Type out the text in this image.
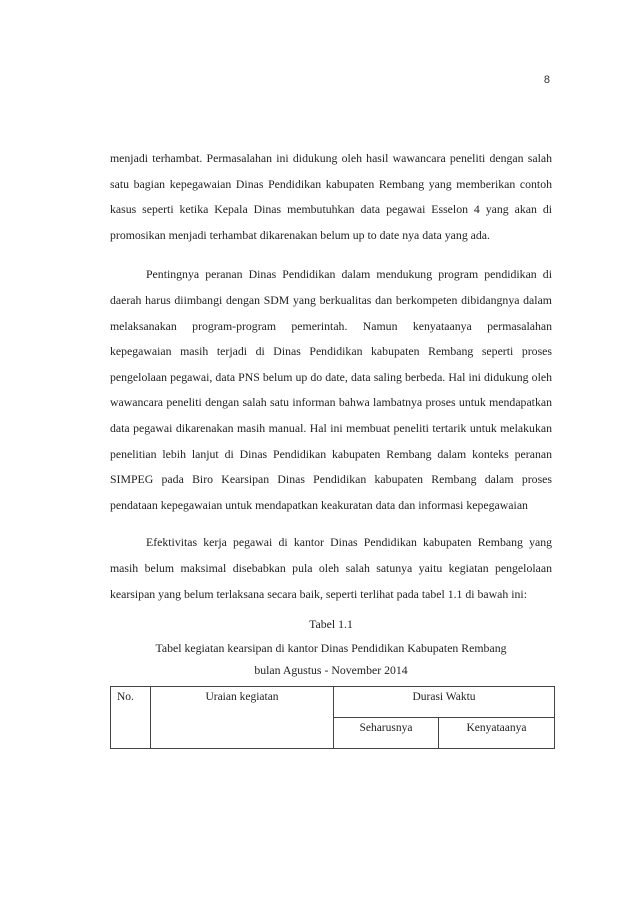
8

menjadi terhambat. Permasalahan ini didukung oleh hasil wawancara peneliti dengan salah satu bagian kepegawaian Dinas Pendidikan kabupaten Rembang yang memberikan contoh kasus seperti ketika Kepala Dinas membutuhkan data pegawai Esselon 4 yang akan di promosikan menjadi terhambat dikarenakan belum up to date nya data yang ada.

Pentingnya peranan Dinas Pendidikan dalam mendukung program pendidikan di daerah harus diimbangi dengan SDM yang berkualitas dan berkompeten dibidangnya dalam melaksanakan program-program pemerintah. Namun kenyataanya permasalahan kepegawaian masih terjadi di Dinas Pendidikan kabupaten Rembang seperti proses pengelolaan pegawai, data PNS belum up do date, data saling berbeda. Hal ini didukung oleh wawancara peneliti dengan salah satu informan bahwa lambatnya proses untuk mendapatkan data pegawai dikarenakan masih manual. Hal ini membuat peneliti tertarik untuk melakukan penelitian lebih lanjut di Dinas Pendidikan kabupaten Rembang dalam konteks peranan SIMPEG pada Biro Kearsipan Dinas Pendidikan kabupaten Rembang dalam proses pendataan kepegawaian untuk mendapatkan keakuratan data dan informasi kepegawaian

Efektivitas kerja pegawai di kantor Dinas Pendidikan kabupaten Rembang yang masih belum maksimal disebabkan pula oleh salah satunya yaitu kegiatan pengelolaan kearsipan yang belum terlaksana secara baik, seperti terlihat pada tabel 1.1 di bawah ini:

Tabel 1.1

Tabel kegiatan kearsipan di kantor Dinas Pendidikan Kabupaten Rembang

bulan Agustus - November 2014

No.	Uraian kegiatan	Durasi Waktu	
		Seharusnya	Kenyataanya
